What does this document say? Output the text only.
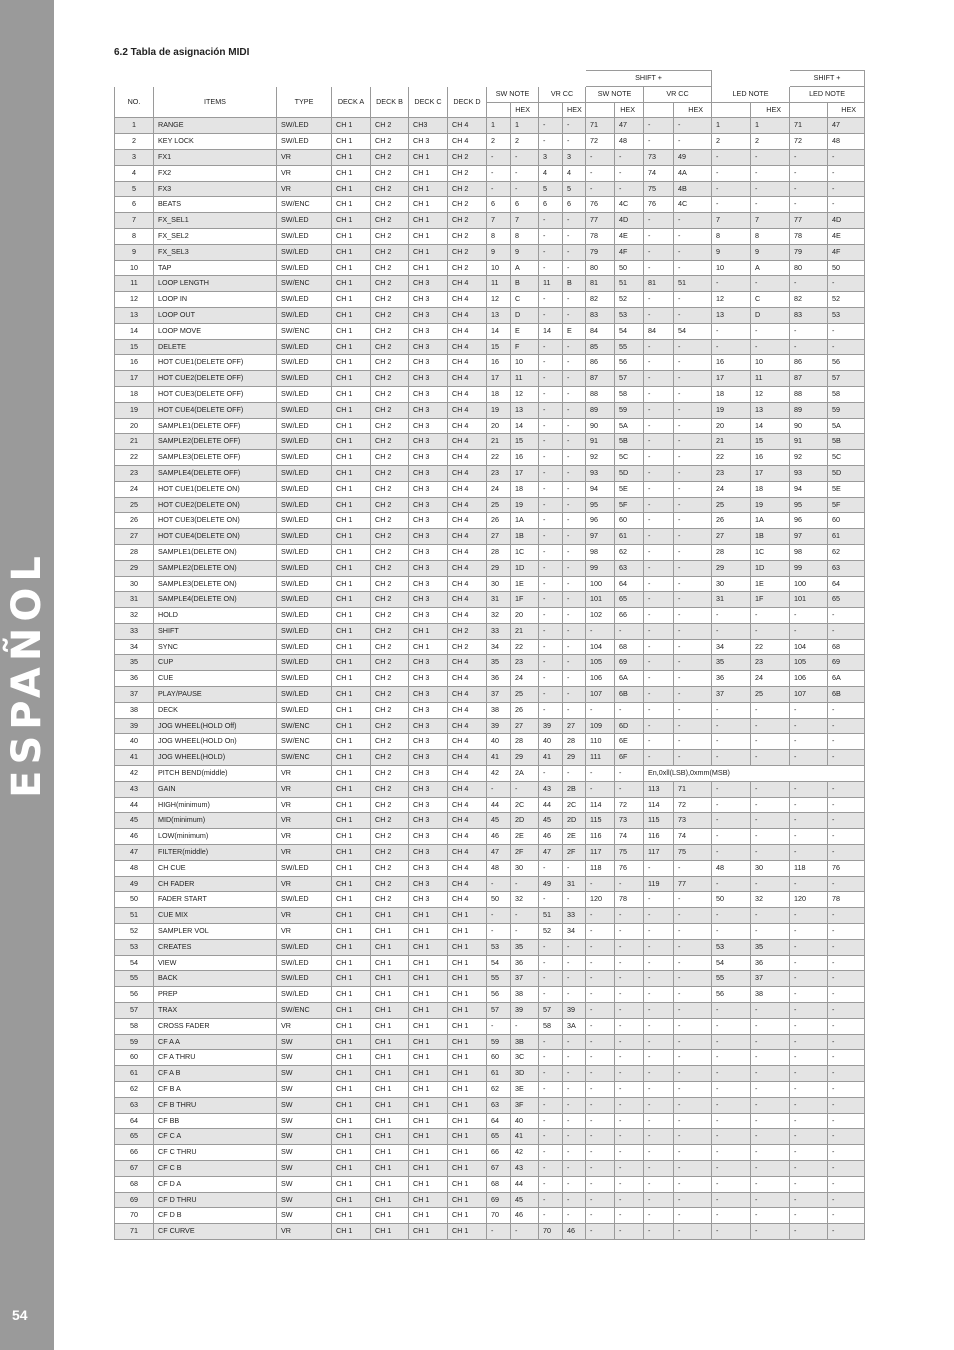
ESPAÑOL
54
6.2 Tabla de asignación MIDI
											SHIFT +						SHIFT +	
NO.	ITEMS	TYPE	DECK A	DECK B	DECK C	DECK D	SW NOTE		VR CC		SW NOTE		VR CC		LED NOTE		LED NOTE	
								HEX		HEX		HEX		HEX		HEX		HEX
1	RANGE	SW/LED	CH 1	CH 2	CH3	CH 4	1	1	-	-	71	47	-	-	1	1	71	47
2	KEY LOCK	SW/LED	CH 1	CH 2	CH 3	CH 4	2	2	-	-	72	48	-	-	2	2	72	48
3	FX1	VR	CH 1	CH 2	CH 1	CH 2	-	-	3	3	-	-	73	49	-	-	-	-
4	FX2	VR	CH 1	CH 2	CH 1	CH 2	-	-	4	4	-	-	74	4A	-	-	-	-
5	FX3	VR	CH 1	CH 2	CH 1	CH 2	-	-	5	5	-	-	75	4B	-	-	-	-
6	BEATS	SW/ENC	CH 1	CH 2	CH 1	CH 2	6	6	6	6	76	4C	76	4C	-	-	-	-
7	FX_SEL1	SW/LED	CH 1	CH 2	CH 1	CH 2	7	7	-	-	77	4D	-	-	7	7	77	4D
8	FX_SEL2	SW/LED	CH 1	CH 2	CH 1	CH 2	8	8	-	-	78	4E	-	-	8	8	78	4E
9	FX_SEL3	SW/LED	CH 1	CH 2	CH 1	CH 2	9	9	-	-	79	4F	-	-	9	9	79	4F
10	TAP	SW/LED	CH 1	CH 2	CH 1	CH 2	10	A	-	-	80	50	-	-	10	A	80	50
11	LOOP LENGTH	SW/ENC	CH 1	CH 2	CH 3	CH 4	11	B	11	B	81	51	81	51	-	-	-	-
12	LOOP IN	SW/LED	CH 1	CH 2	CH 3	CH 4	12	C	-	-	82	52	-	-	12	C	82	52
13	LOOP OUT	SW/LED	CH 1	CH 2	CH 3	CH 4	13	D	-	-	83	53	-	-	13	D	83	53
14	LOOP MOVE	SW/ENC	CH 1	CH 2	CH 3	CH 4	14	E	14	E	84	54	84	54	-	-	-	-
15	DELETE	SW/LED	CH 1	CH 2	CH 3	CH 4	15	F	-	-	85	55	-	-	-	-	-	-
16	HOT CUE1(DELETE OFF)	SW/LED	CH 1	CH 2	CH 3	CH 4	16	10	-	-	86	56	-	-	16	10	86	56
17	HOT CUE2(DELETE OFF)	SW/LED	CH 1	CH 2	CH 3	CH 4	17	11	-	-	87	57	-	-	17	11	87	57
18	HOT CUE3(DELETE OFF)	SW/LED	CH 1	CH 2	CH 3	CH 4	18	12	-	-	88	58	-	-	18	12	88	58
19	HOT CUE4(DELETE OFF)	SW/LED	CH 1	CH 2	CH 3	CH 4	19	13	-	-	89	59	-	-	19	13	89	59
20	SAMPLE1(DELETE OFF)	SW/LED	CH 1	CH 2	CH 3	CH 4	20	14	-	-	90	5A	-	-	20	14	90	5A
21	SAMPLE2(DELETE OFF)	SW/LED	CH 1	CH 2	CH 3	CH 4	21	15	-	-	91	5B	-	-	21	15	91	5B
22	SAMPLE3(DELETE OFF)	SW/LED	CH 1	CH 2	CH 3	CH 4	22	16	-	-	92	5C	-	-	22	16	92	5C
23	SAMPLE4(DELETE OFF)	SW/LED	CH 1	CH 2	CH 3	CH 4	23	17	-	-	93	5D	-	-	23	17	93	5D
24	HOT CUE1(DELETE ON)	SW/LED	CH 1	CH 2	CH 3	CH 4	24	18	-	-	94	5E	-	-	24	18	94	5E
25	HOT CUE2(DELETE ON)	SW/LED	CH 1	CH 2	CH 3	CH 4	25	19	-	-	95	5F	-	-	25	19	95	5F
26	HOT CUE3(DELETE ON)	SW/LED	CH 1	CH 2	CH 3	CH 4	26	1A	-	-	96	60	-	-	26	1A	96	60
27	HOT CUE4(DELETE ON)	SW/LED	CH 1	CH 2	CH 3	CH 4	27	1B	-	-	97	61	-	-	27	1B	97	61
28	SAMPLE1(DELETE ON)	SW/LED	CH 1	CH 2	CH 3	CH 4	28	1C	-	-	98	62	-	-	28	1C	98	62
29	SAMPLE2(DELETE ON)	SW/LED	CH 1	CH 2	CH 3	CH 4	29	1D	-	-	99	63	-	-	29	1D	99	63
30	SAMPLE3(DELETE ON)	SW/LED	CH 1	CH 2	CH 3	CH 4	30	1E	-	-	100	64	-	-	30	1E	100	64
31	SAMPLE4(DELETE ON)	SW/LED	CH 1	CH 2	CH 3	CH 4	31	1F	-	-	101	65	-	-	31	1F	101	65
32	HOLD	SW/LED	CH 1	CH 2	CH 3	CH 4	32	20	-	-	102	66	-	-	-	-	-	-
33	SHIFT	SW/LED	CH 1	CH 2	CH 1	CH 2	33	21	-	-	-	-	-	-	-	-	-	-
34	SYNC	SW/LED	CH 1	CH 2	CH 1	CH 2	34	22	-	-	104	68	-	-	34	22	104	68
35	CUP	SW/LED	CH 1	CH 2	CH 3	CH 4	35	23	-	-	105	69	-	-	35	23	105	69
36	CUE	SW/LED	CH 1	CH 2	CH 3	CH 4	36	24	-	-	106	6A	-	-	36	24	106	6A
37	PLAY/PAUSE	SW/LED	CH 1	CH 2	CH 3	CH 4	37	25	-	-	107	6B	-	-	37	25	107	6B
38	DECK	SW/LED	CH 1	CH 2	CH 3	CH 4	38	26	-	-	-	-	-	-	-	-	-	-
39	JOG WHEEL(HOLD Off)	SW/ENC	CH 1	CH 2	CH 3	CH 4	39	27	39	27	109	6D	-	-	-	-	-	-
40	JOG WHEEL(HOLD On)	SW/ENC	CH 1	CH 2	CH 3	CH 4	40	28	40	28	110	6E	-	-	-	-	-	-
41	JOG WHEEL(HOLD)	SW/ENC	CH 1	CH 2	CH 3	CH 4	41	29	41	29	111	6F	-	-	-	-	-	-
42	PITCH BEND(middle)	VR	CH 1	CH 2	CH 3	CH 4	42	2A	-	-	-	-	En,0xll(LSB),0xmm(MSB)					
43	GAIN	VR	CH 1	CH 2	CH 3	CH 4	-	-	43	2B	-	-	113	71	-	-	-	-
44	HIGH(minimum)	VR	CH 1	CH 2	CH 3	CH 4	44	2C	44	2C	114	72	114	72	-	-	-	-
45	MID(minimum)	VR	CH 1	CH 2	CH 3	CH 4	45	2D	45	2D	115	73	115	73	-	-	-	-
46	LOW(minimum)	VR	CH 1	CH 2	CH 3	CH 4	46	2E	46	2E	116	74	116	74	-	-	-	-
47	FILTER(middle)	VR	CH 1	CH 2	CH 3	CH 4	47	2F	47	2F	117	75	117	75	-	-	-	-
48	CH CUE	SW/LED	CH 1	CH 2	CH 3	CH 4	48	30	-	-	118	76	-	-	48	30	118	76
49	CH FADER	VR	CH 1	CH 2	CH 3	CH 4	-	-	49	31	-	-	119	77	-	-	-	-
50	FADER START	SW/LED	CH 1	CH 2	CH 3	CH 4	50	32	-	-	120	78	-	-	50	32	120	78
51	CUE MIX	VR	CH 1	CH 1	CH 1	CH 1	-	-	51	33	-	-	-	-	-	-	-	-
52	SAMPLER VOL	VR	CH 1	CH 1	CH 1	CH 1	-	-	52	34	-	-	-	-	-	-	-	-
53	CREATES	SW/LED	CH 1	CH 1	CH 1	CH 1	53	35	-	-	-	-	-	-	53	35	-	-
54	VIEW	SW/LED	CH 1	CH 1	CH 1	CH 1	54	36	-	-	-	-	-	-	54	36	-	-
55	BACK	SW/LED	CH 1	CH 1	CH 1	CH 1	55	37	-	-	-	-	-	-	55	37	-	-
56	PREP	SW/LED	CH 1	CH 1	CH 1	CH 1	56	38	-	-	-	-	-	-	56	38	-	-
57	TRAX	SW/ENC	CH 1	CH 1	CH 1	CH 1	57	39	57	39	-	-	-	-	-	-	-	-
58	CROSS FADER	VR	CH 1	CH 1	CH 1	CH 1	-	-	58	3A	-	-	-	-	-	-	-	-
59	CF A A	SW	CH 1	CH 1	CH 1	CH 1	59	3B	-	-	-	-	-	-	-	-	-	-
60	CF A THRU	SW	CH 1	CH 1	CH 1	CH 1	60	3C	-	-	-	-	-	-	-	-	-	-
61	CF A B	SW	CH 1	CH 1	CH 1	CH 1	61	3D	-	-	-	-	-	-	-	-	-	-
62	CF B A	SW	CH 1	CH 1	CH 1	CH 1	62	3E	-	-	-	-	-	-	-	-	-	-
63	CF B THRU	SW	CH 1	CH 1	CH 1	CH 1	63	3F	-	-	-	-	-	-	-	-	-	-
64	CF BB	SW	CH 1	CH 1	CH 1	CH 1	64	40	-	-	-	-	-	-	-	-	-	-
65	CF C A	SW	CH 1	CH 1	CH 1	CH 1	65	41	-	-	-	-	-	-	-	-	-	-
66	CF C THRU	SW	CH 1	CH 1	CH 1	CH 1	66	42	-	-	-	-	-	-	-	-	-	-
67	CF C B	SW	CH 1	CH 1	CH 1	CH 1	67	43	-	-	-	-	-	-	-	-	-	-
68	CF D A	SW	CH 1	CH 1	CH 1	CH 1	68	44	-	-	-	-	-	-	-	-	-	-
69	CF D THRU	SW	CH 1	CH 1	CH 1	CH 1	69	45	-	-	-	-	-	-	-	-	-	-
70	CF D B	SW	CH 1	CH 1	CH 1	CH 1	70	46	-	-	-	-	-	-	-	-	-	-
71	CF CURVE	VR	CH 1	CH 1	CH 1	CH 1	-	-	70	46	-	-	-	-	-	-	-	-
